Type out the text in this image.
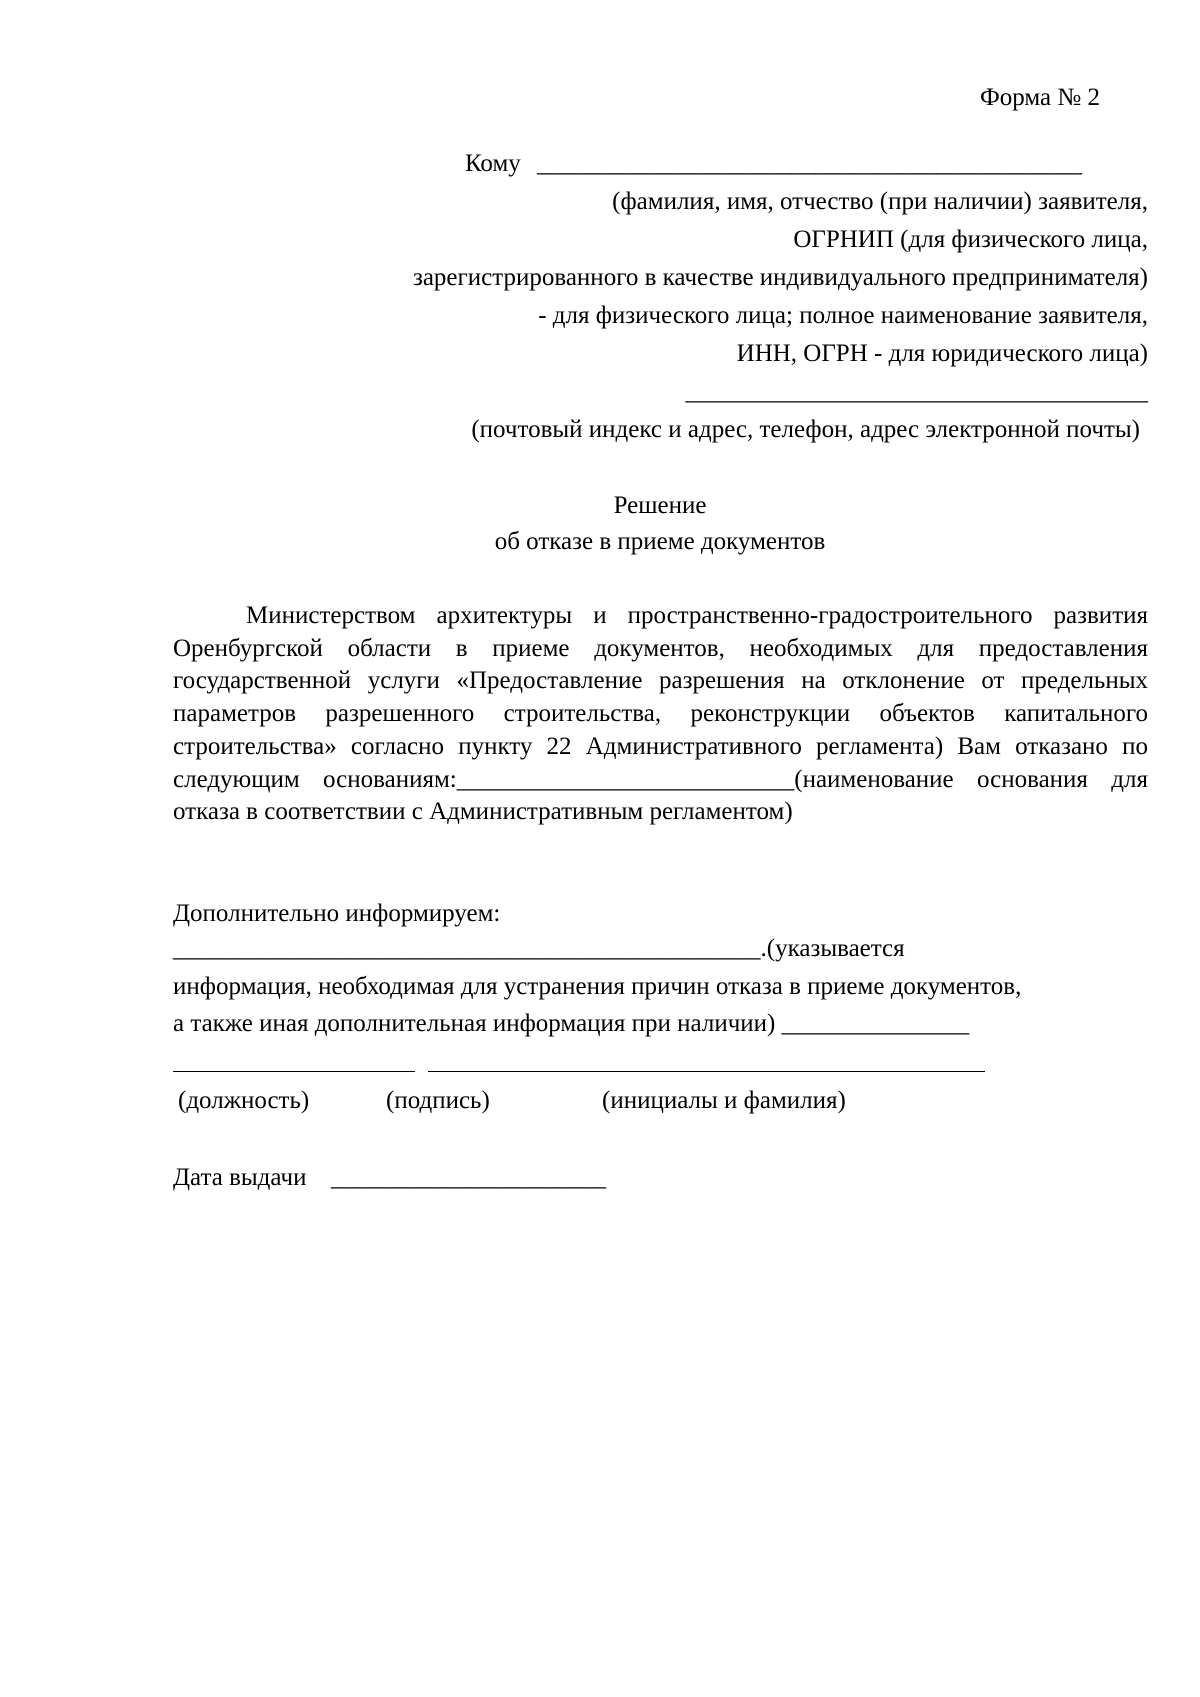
Форма № 2
Кому _____________________________________________
(фамилия, имя, отчество (при наличии) заявителя,
ОГРНИП (для физического лица,
зарегистрированного в качестве индивидуального предпринимателя)
- для физического лица; полное наименование заявителя,
ИНН, ОГРН - для юридического лица)
_____________________________________
(почтовый индекс и адрес, телефон, адрес электронной почты)
Решение
об отказе в приеме документов

Министерством архитектуры и пространственно-градостроительного развития Оренбургской области в приеме документов, необходимых для предоставления государственной услуги «Предоставление разрешения на отклонение от предельных параметров разрешенного строительства, реконструкции объектов капитального строительства» согласно пункту 22 Административного регламента) Вам отказано по следующим основаниям:___________________________(наименование основания для отказа в соответствии с Административным регламентом)

Дополнительно информируем:
_______________________________________________.(указывается
информация, необходимая для устранения причин отказа в приеме документов,
а также иная дополнительная информация при наличии) _______________
(должность)	(подпись)	(инициалы и фамилия)
Дата выдачи ______________________
